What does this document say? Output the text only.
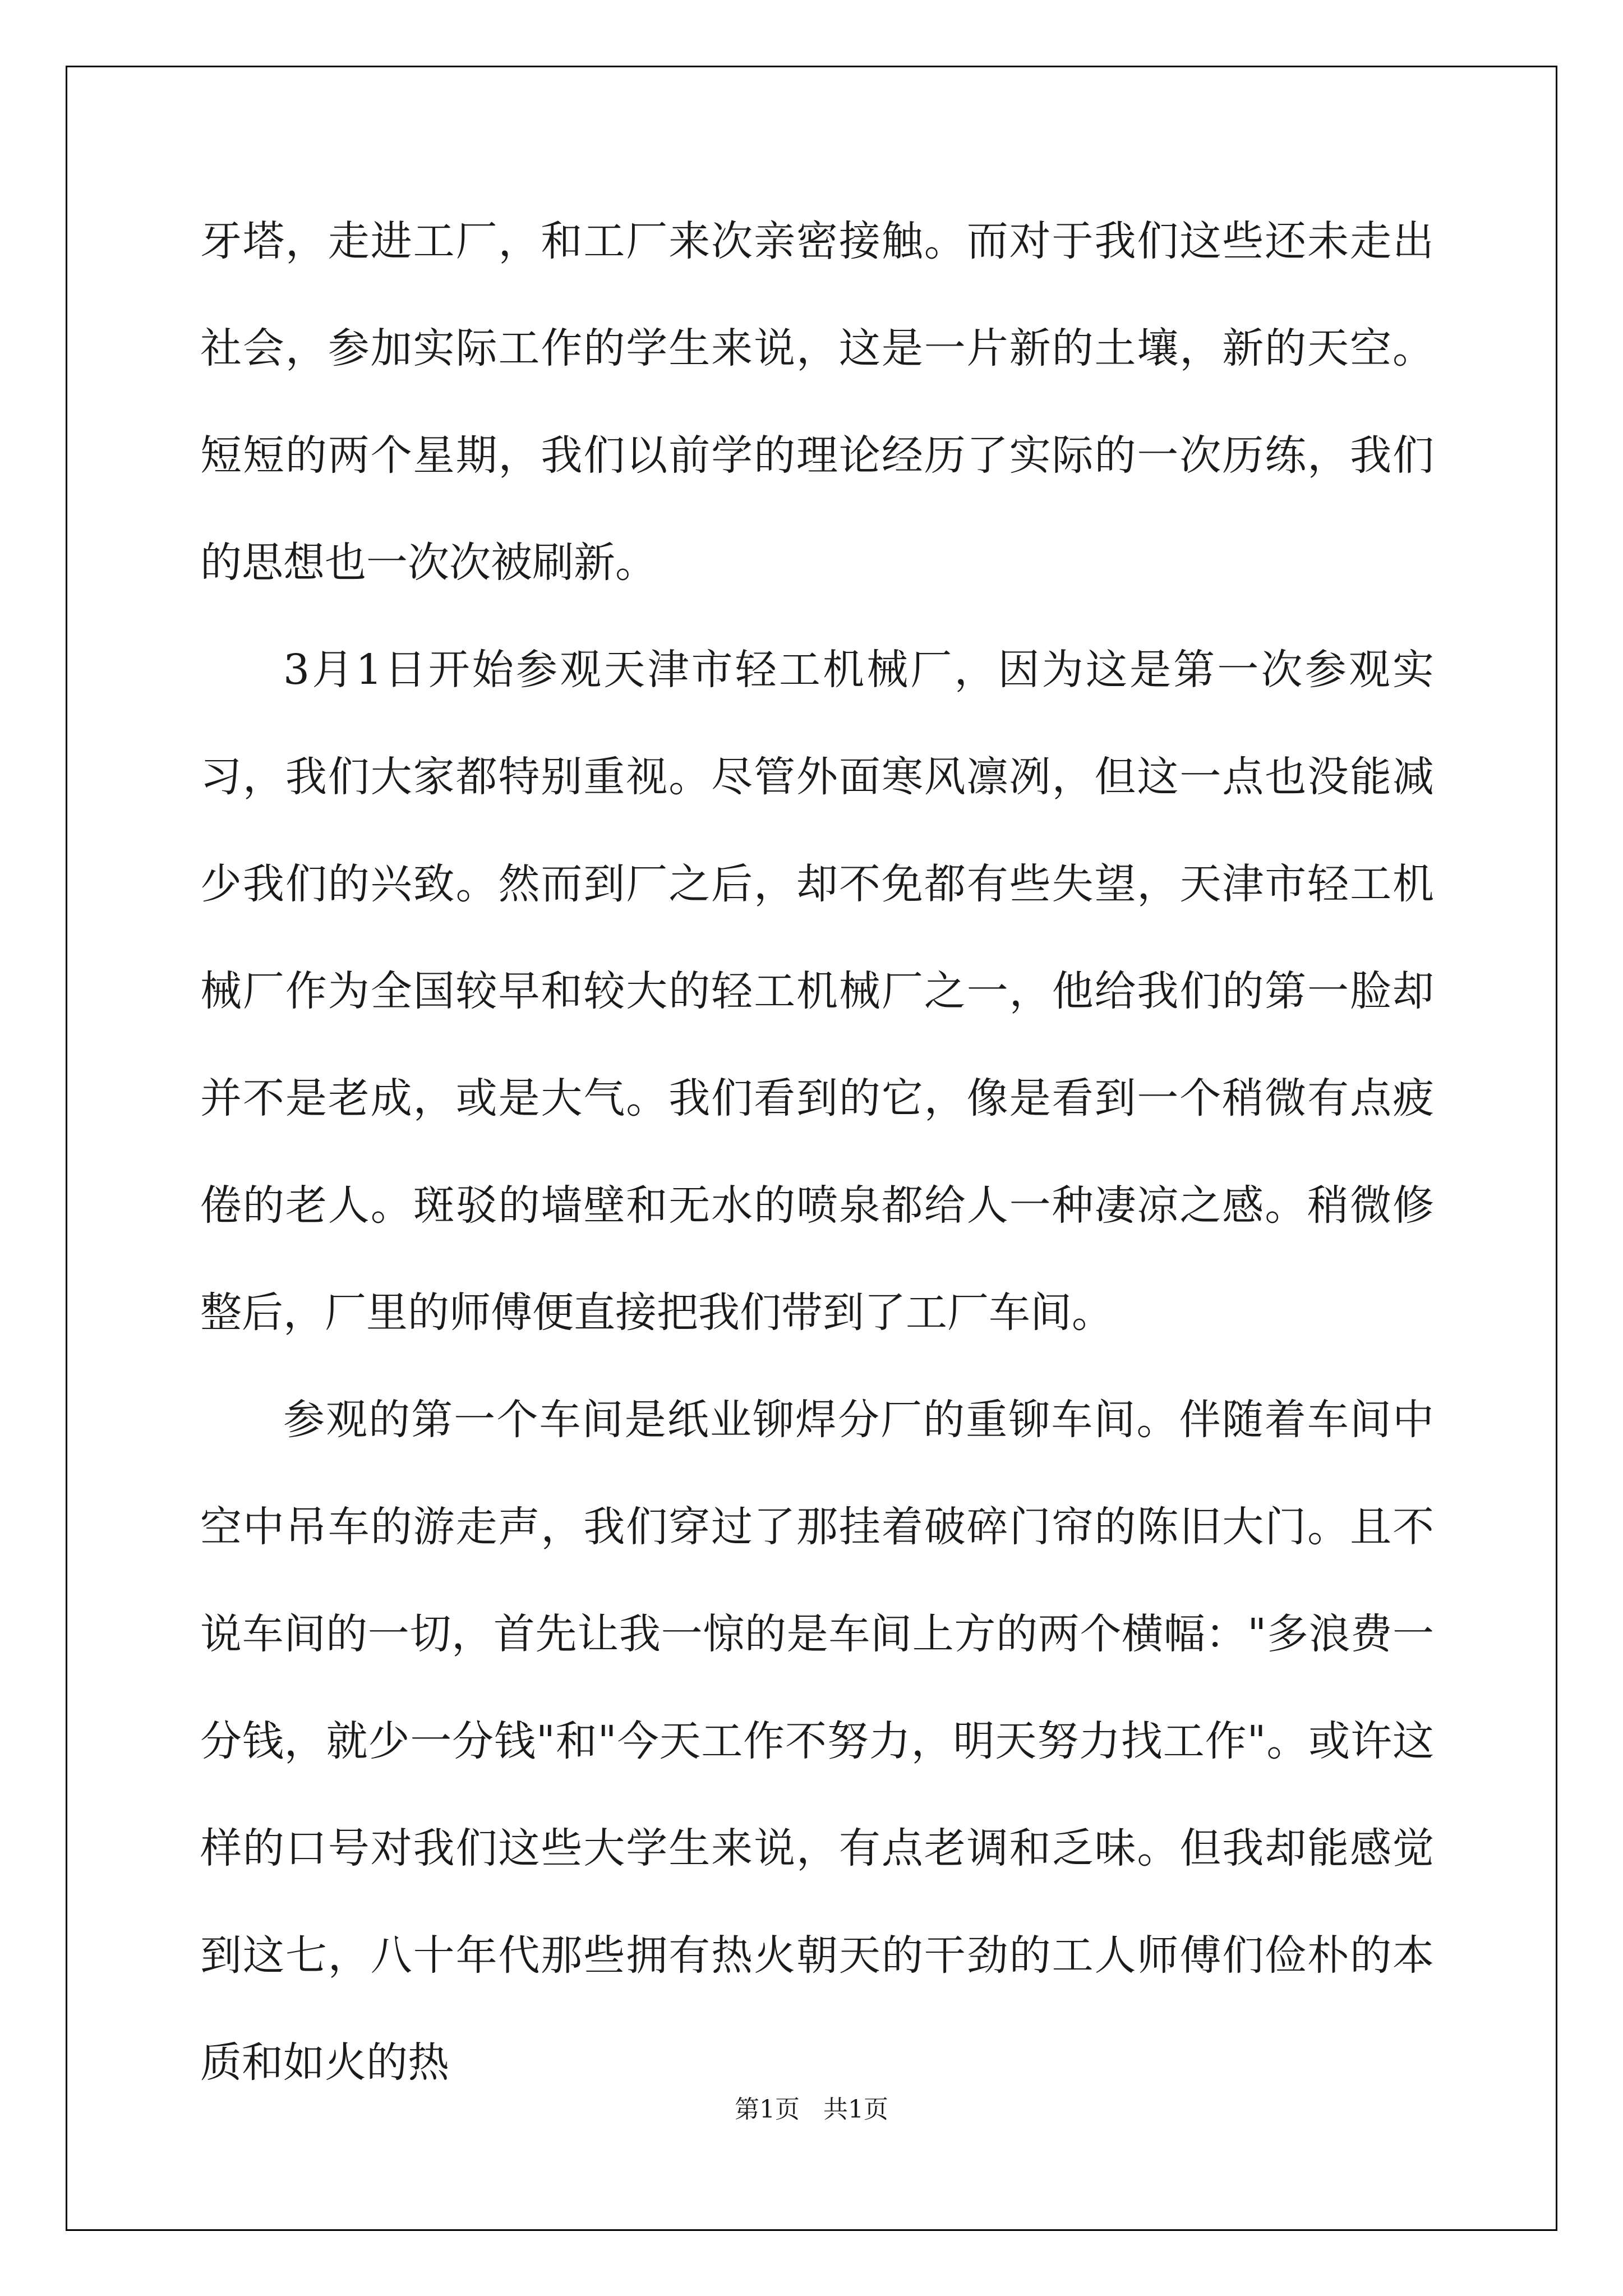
牙塔，走进工厂，和工厂来次亲密接触。而对于我们这些还未走出社会，参加实际工作的学生来说，这是一片新的土壤，新的天空。短短的两个星期，我们以前学的理论经历了实际的一次历练，我们的思想也一次次被刷新。

3月1日开始参观天津市轻工机械厂，因为这是第一次参观实习，我们大家都特别重视。尽管外面寒风凛冽，但这一点也没能减少我们的兴致。然而到厂之后，却不免都有些失望，天津市轻工机械厂作为全国较早和较大的轻工机械厂之一，他给我们的第一脸却并不是老成，或是大气。我们看到的它，像是看到一个稍微有点疲倦的老人。斑驳的墙壁和无水的喷泉都给人一种凄凉之感。稍微修整后，厂里的师傅便直接把我们带到了工厂车间。

参观的第一个车间是纸业铆焊分厂的重铆车间。伴随着车间中空中吊车的游走声，我们穿过了那挂着破碎门帘的陈旧大门。且不说车间的一切，首先让我一惊的是车间上方的两个横幅："多浪费一分钱，就少一分钱"和"今天工作不努力，明天努力找工作"。或许这样的口号对我们这些大学生来说，有点老调和乏味。但我却能感觉到这七，八十年代那些拥有热火朝天的干劲的工人师傅们俭朴的本质和如火的热

第1页   共1页
